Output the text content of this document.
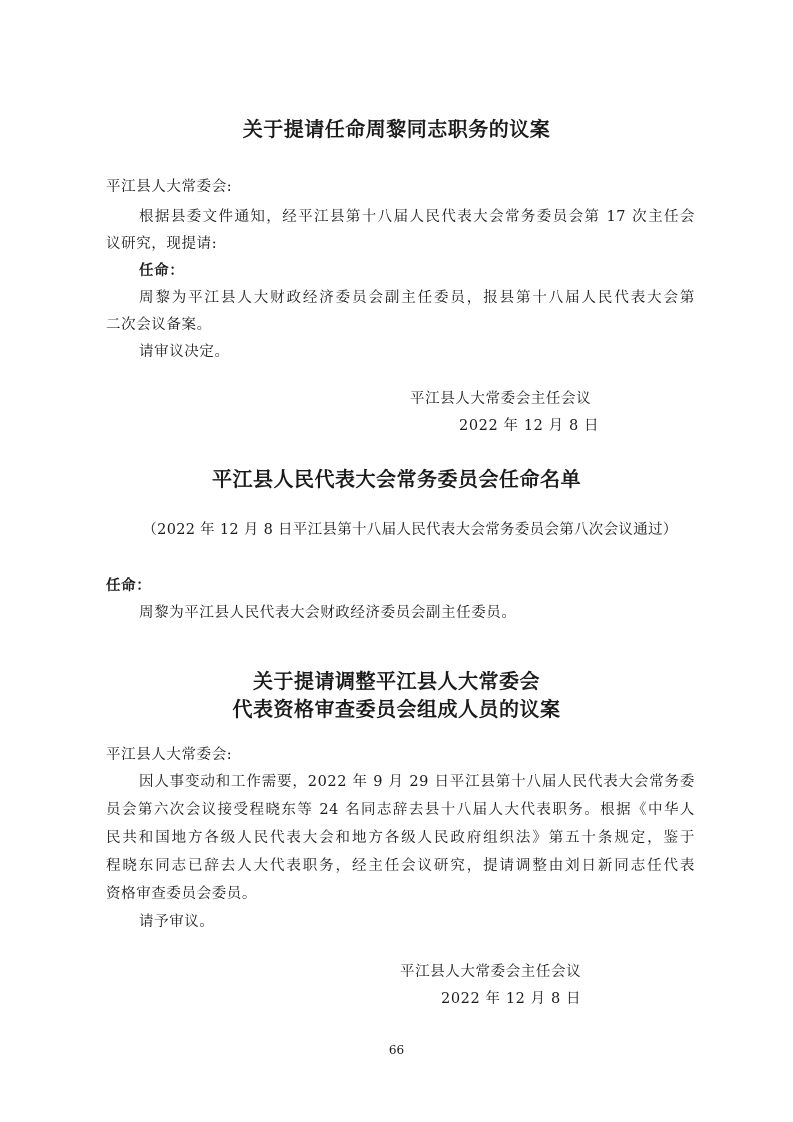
关于提请任命周黎同志职务的议案
平江县人大常委会:
根据县委文件通知，经平江县第十八届人民代表大会常务委员会第 17 次主任会
议研究，现提请:
任命：
周黎为平江县人大财政经济委员会副主任委员，报县第十八届人民代表大会第
二次会议备案。
请审议决定。
平江县人大常委会主任会议
2022 年 12 月 8 日
平江县人民代表大会常务委员会任命名单
（2022 年 12 月 8 日平江县第十八届人民代表大会常务委员会第八次会议通过）
任命：
周黎为平江县人民代表大会财政经济委员会副主任委员。
关于提请调整平江县人大常委会
代表资格审查委员会组成人员的议案
平江县人大常委会:
因人事变动和工作需要，2022 年 9 月 29 日平江县第十八届人民代表大会常务委
员会第六次会议接受程晓东等 24 名同志辞去县十八届人大代表职务。根据《中华人
民共和国地方各级人民代表大会和地方各级人民政府组织法》第五十条规定，鉴于
程晓东同志已辞去人大代表职务，经主任会议研究，提请调整由刘日新同志任代表
资格审查委员会委员。
请予审议。
平江县人大常委会主任会议
2022 年 12 月 8 日
66
